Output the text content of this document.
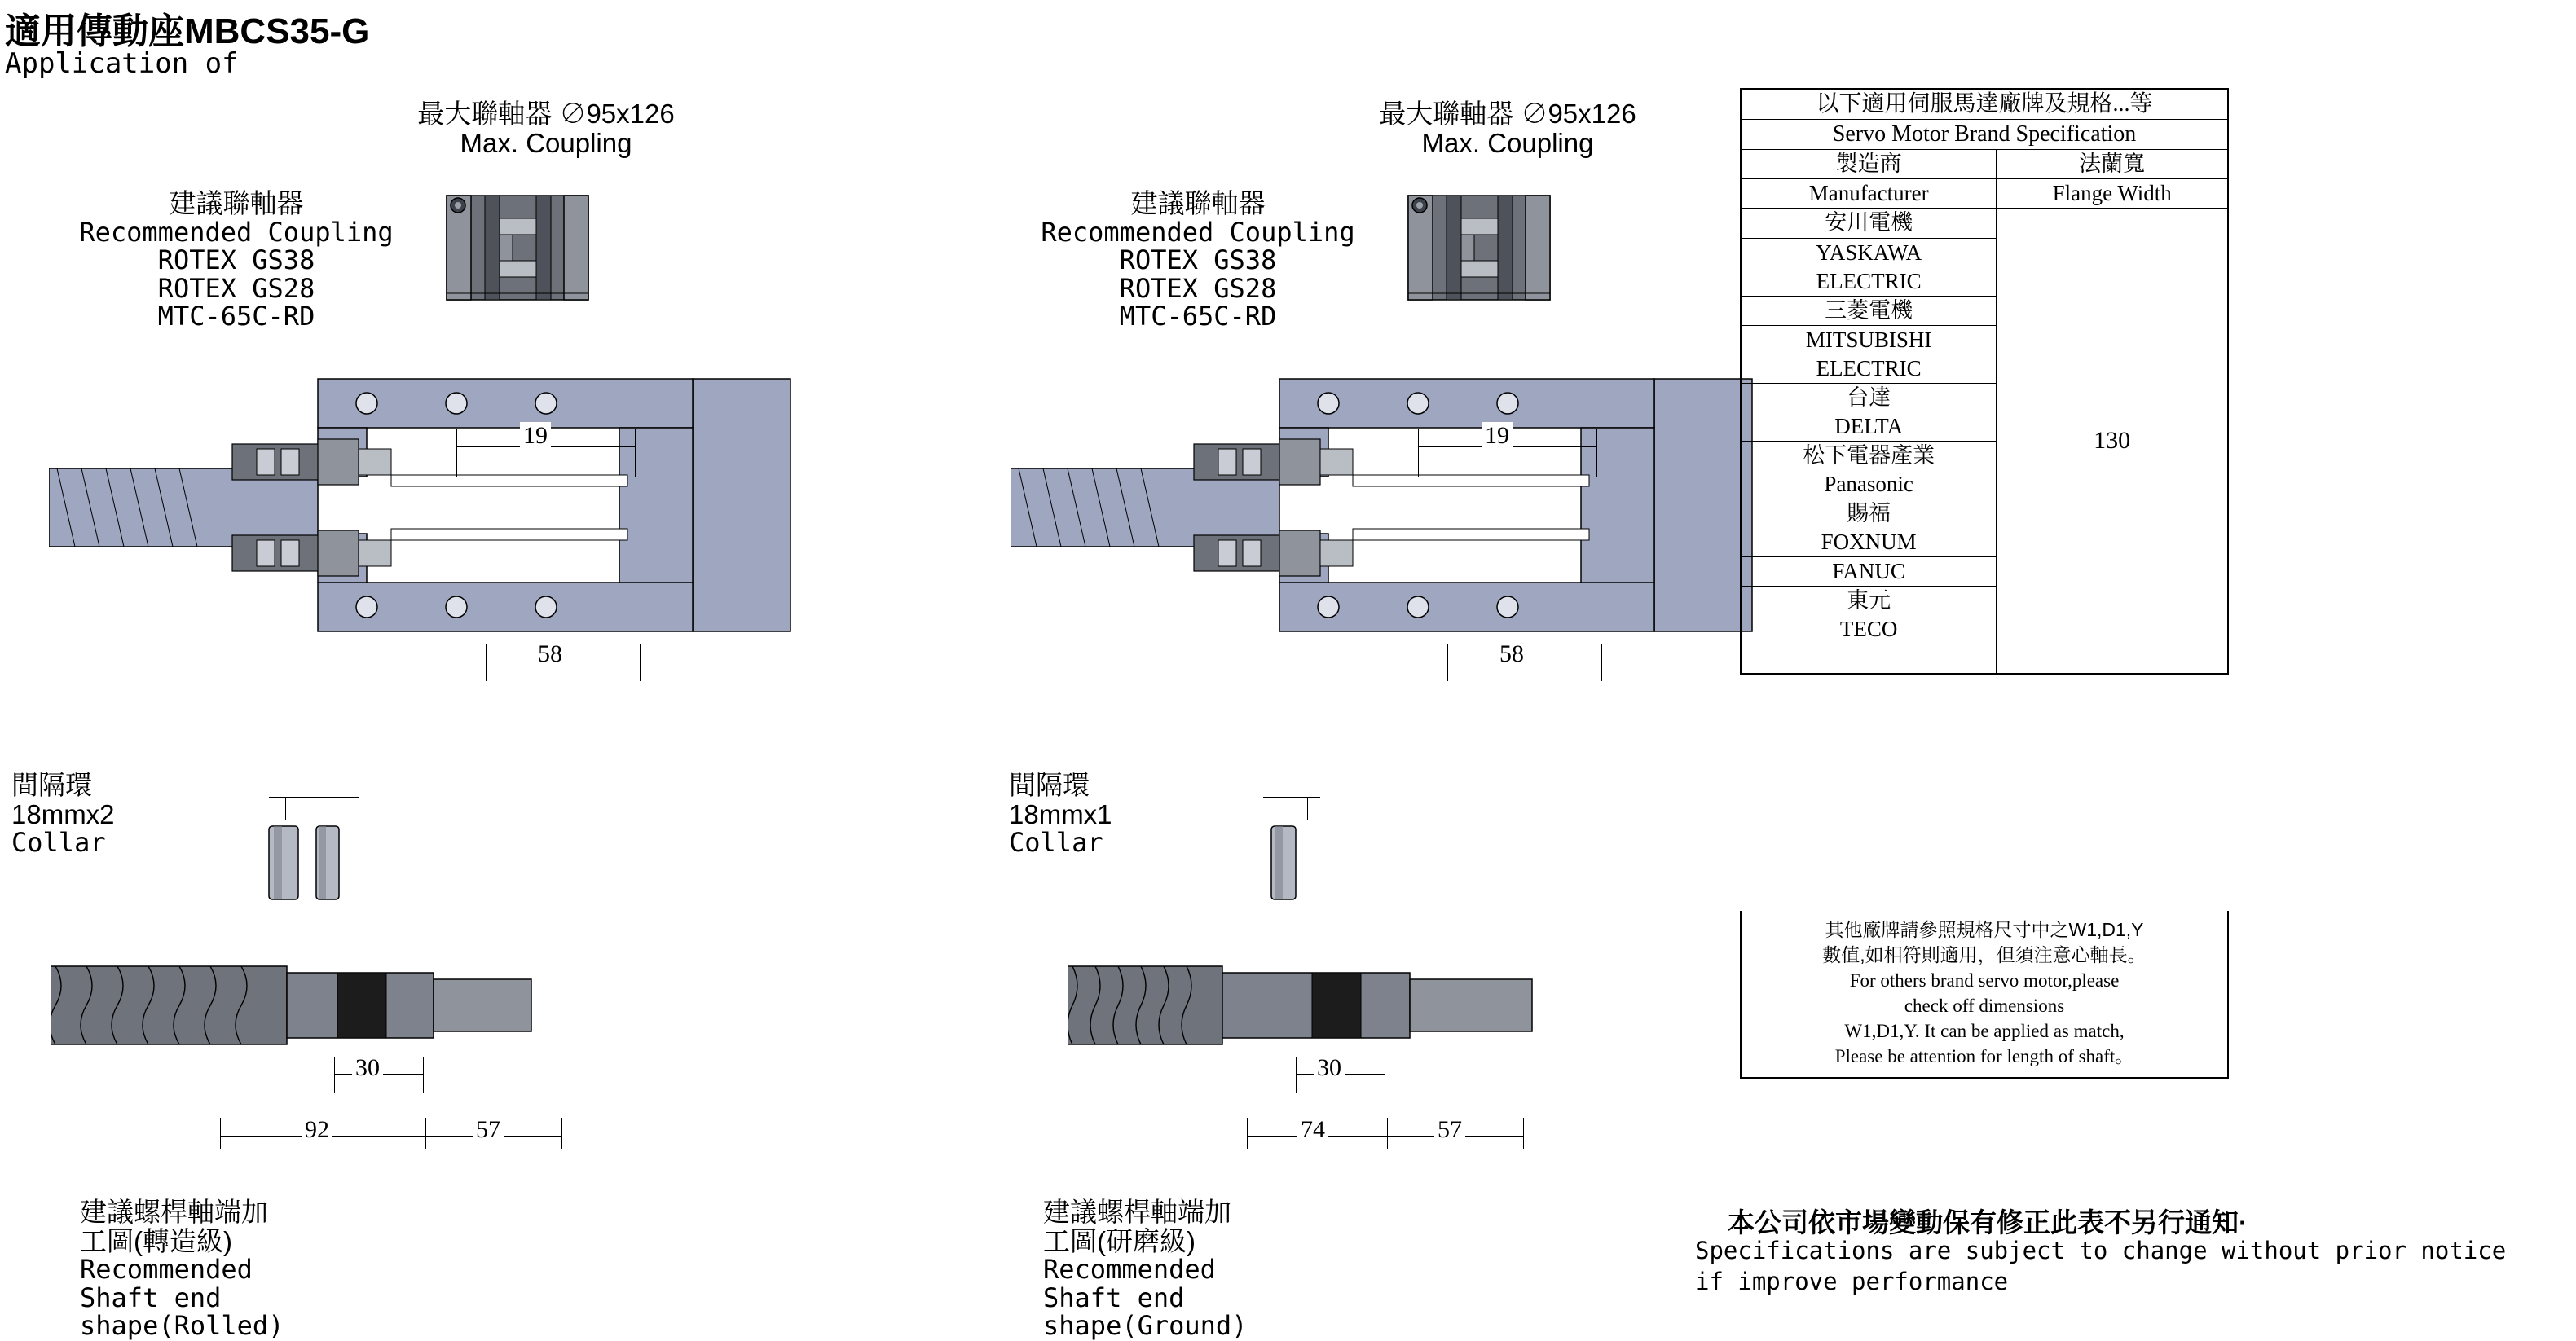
適用傳動座MBCS35-G
Application of
最大聯軸器 ∅95x126
Max. Coupling
建議聯軸器
Recommended Coupling
ROTEX GS38
ROTEX GS28
MTC-65C-RD
19
58
間隔環18mmx2
Collar
30
92	57
建議螺桿軸端加工圖(轉造級)
Recommended Shaft end shape(Rolled)
最大聯軸器 ∅95x126
Max. Coupling
建議聯軸器
Recommended Coupling
ROTEX GS38
ROTEX GS28
MTC-65C-RD
19
58
間隔環18mmx1
Collar
30
74	57
建議螺桿軸端加工圖(研磨級)
Recommended Shaft end shape(Ground)
以下適用伺服馬達廠牌及規格...等	
Servo Motor Brand Specification	
製造商	法蘭寬
Manufacturer	Flange Width
安川電機	130
YASKAWA	
ELECTRIC	
三菱電機	
MITSUBISHI	
ELECTRIC	
台達	
DELTA	
松下電器產業	
Panasonic	
賜福	
FOXNUM	
FANUC	
東元	
TECO	

其他廠牌請參照規格尺寸中之W1,D1,Y
數值,如相符則適用，但須注意心軸長。
For others brand servo motor,please
check off dimensions
W1,D1,Y. It can be applied as match,
Please be attention for length of shaft。
本公司依市場變動保有修正此表不另行通知·
Specifications are subject to change without prior notice
if improve performance
